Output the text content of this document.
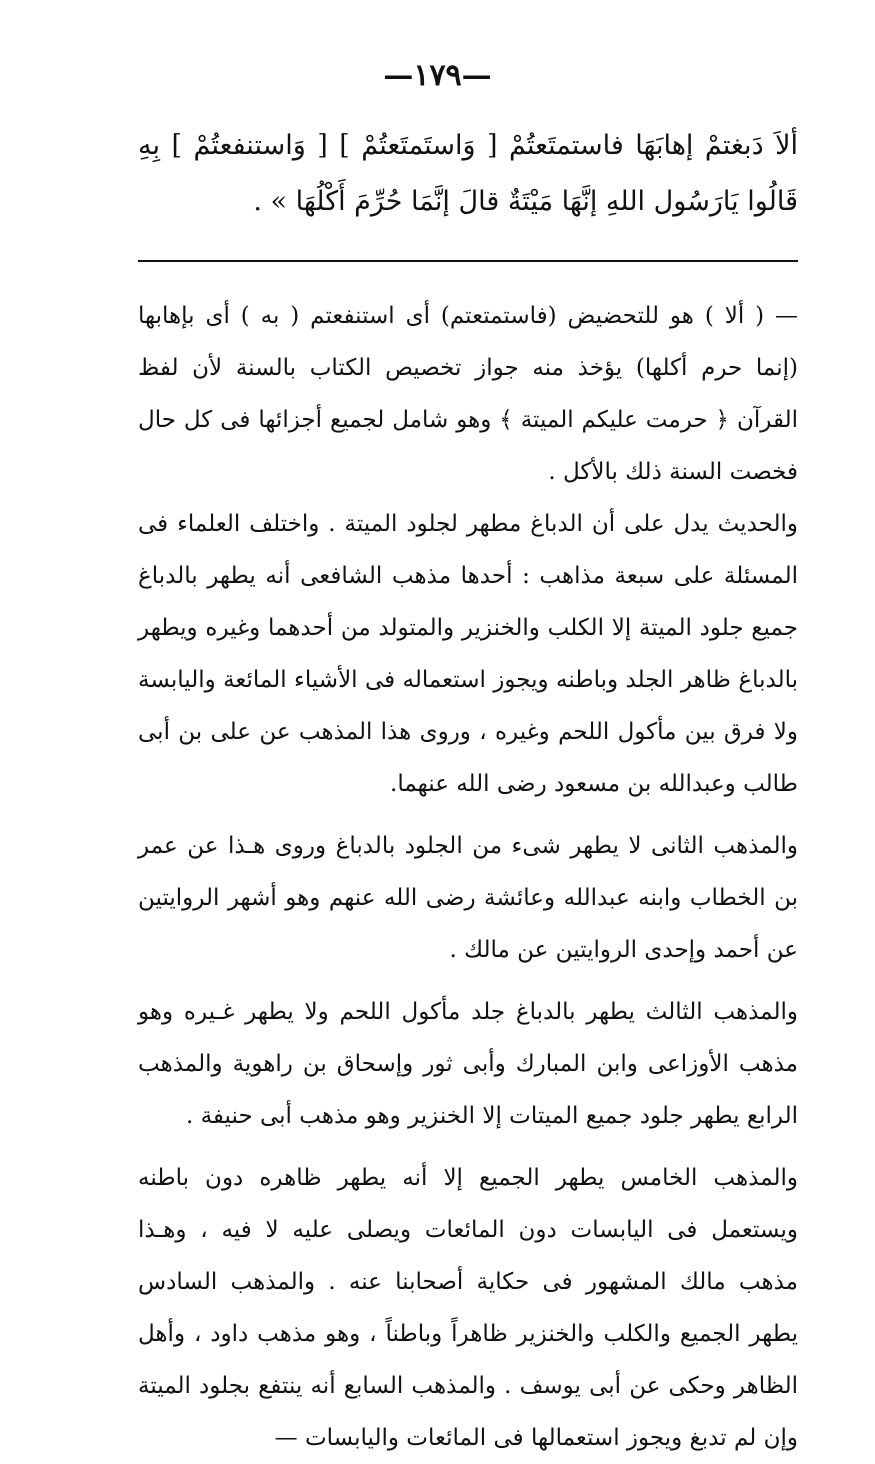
—١٧٩—

ألاَ دَبغتمْ إهابَهَا فاستمتَعتُمْ [ وَاستَمتَعتُمْ ] [ وَاستنفعتُمْ ] بِهِ قَالُوا يَارَسُول اللهِ إنَّهَا مَيْتَةٌ قالَ إنَّمَا حُرِّمَ أَكْلُهَا » .

— ( ألا ) هو للتحضيض (فاستمتعتم) أى استنفعتم ( به ) أى بإهابها (إنما حرم أكلها) يؤخذ منه جواز تخصيص الكتاب بالسنة لأن لفظ القرآن ﴿ حرمت عليكم الميتة ﴾ وهو شامل لجميع أجزائها فى كل حال فخصت السنة ذلك بالأكل .

والحديث يدل على أن الدباغ مطهر لجلود الميتة . واختلف العلماء فى المسئلة على سبعة مذاهب : أحدها مذهب الشافعى أنه يطهر بالدباغ جميع جلود الميتة إلا الكلب والخنزير والمتولد من أحدهما وغيره ويطهر بالدباغ ظاهر الجلد وباطنه ويجوز استعماله فى الأشياء المائعة واليابسة ولا فرق بين مأكول اللحم وغيره ، وروى هذا المذهب عن على بن أبى طالب وعبدالله بن مسعود رضى الله عنهما.

والمذهب الثانى لا يطهر شىء من الجلود بالدباغ وروى هـذا عن عمر بن الخطاب وابنه عبدالله وعائشة رضى الله عنهم وهو أشهر الروايتين عن أحمد وإحدى الروايتين عن مالك .

والمذهب الثالث يطهر بالدباغ جلد مأكول اللحم ولا يطهر غـيره وهو مذهب الأوزاعى وابن المبارك وأبى ثور وإسحاق بن راهوية والمذهب الرابع يطهر جلود جميع الميتات إلا الخنزير وهو مذهب أبى حنيفة .

والمذهب الخامس يطهر الجميع إلا أنه يطهر ظاهره دون باطنه ويستعمل فى اليابسات دون المائعات ويصلى عليه لا فيه ، وهـذا مذهب مالك المشهور فى حكاية أصحابنا عنه . والمذهب السادس يطهر الجميع والكلب والخنزير ظاهراً وباطناً ، وهو مذهب داود ، وأهل الظاهر وحكى عن أبى يوسف . والمذهب السابع أنه ينتفع بجلود الميتة وإن لم تدبغ ويجوز استعمالها فى المائعات واليابسات —
